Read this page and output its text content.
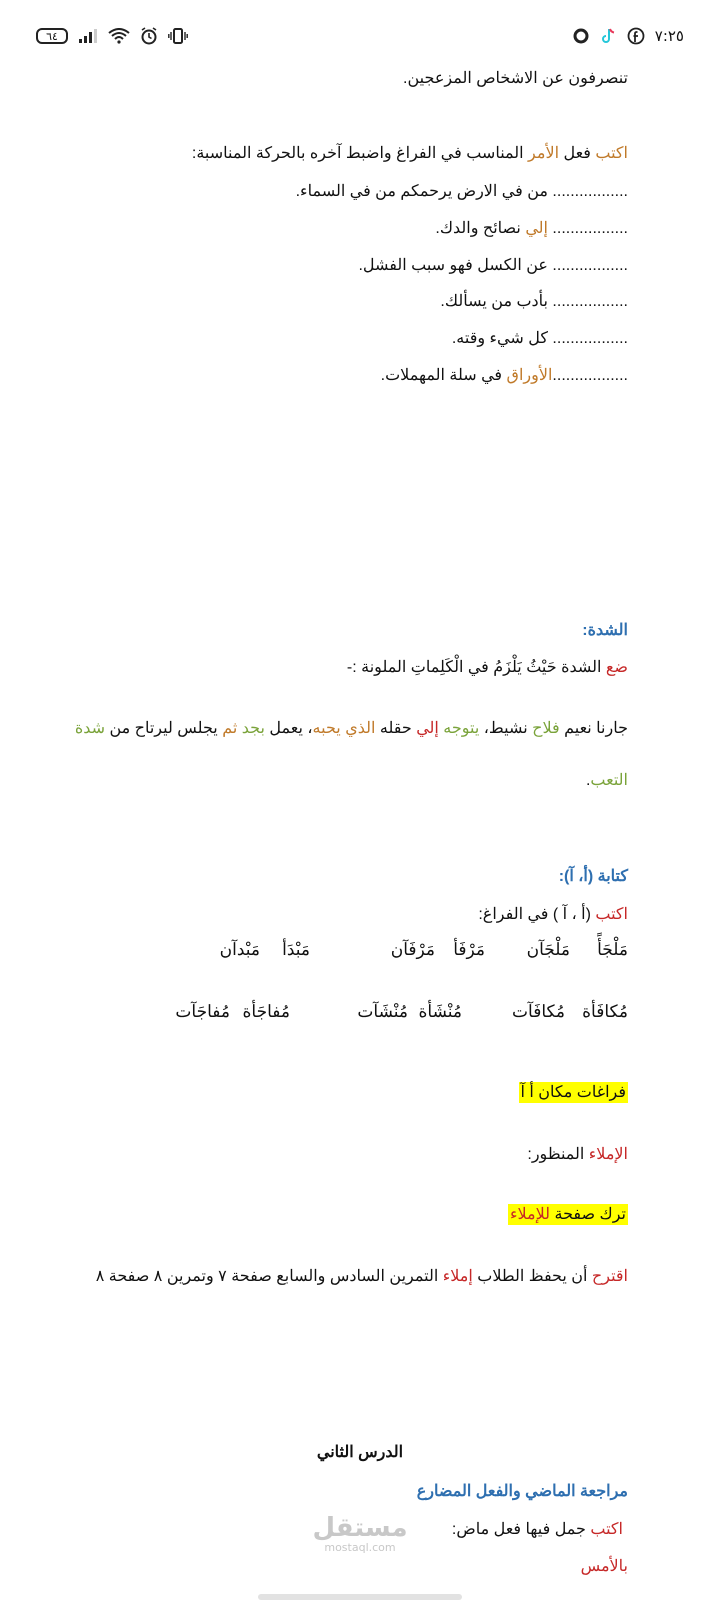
٦٤	٧:٢٥
تنصرفون عن الاشخاص المزعجين.
اكتب فعل الأمر المناسب في الفراغ واضبط آخره بالحركة المناسبة:
................. من في الارض يرحمكم من في السماء.
................. إلي نصائح والدك.
................. عن الكسل فهو سبب الفشل.
................. بأدب من يسألك.
................. كل شيء وقته.
.................الأوراق في سلة المهملات.
الشدة:
ضع الشدة حَيْثُ يَلْزَمُ في الْكَلِماتِ الملونة :-
جارنا نعيم فلاح نشيط، يتوجه إلي حقله الذي يحبه، يعمل بجد ثم يجلس ليرتاح من شدة
التعب.
كتابة (أ، آ):
اكتب (أ ، آ ) في الفراغ:
مَلْجَأً
مَلْجَآن
مَرْفَأ
مَرْفَآن
مَبْدَأ
مَبْدآن
مُكافَأة
مُكافَآت
مُنْشَأة
مُنْشَآت
مُفاجَأة
مُفاجَآت
فراغات مكان أ آ
الإملاء المنظور:
ترك صفحة للإملاء
اقترح أن يحفظ الطلاب إملاء التمرين السادس والسابع صفحة ٧ وتمرين ٨ صفحة ٨
الدرس الثاني
مراجعة الماضي والفعل المضارع
اكتب جمل فيها فعل ماض:
بالأمس
مستقل
mostaql.com
